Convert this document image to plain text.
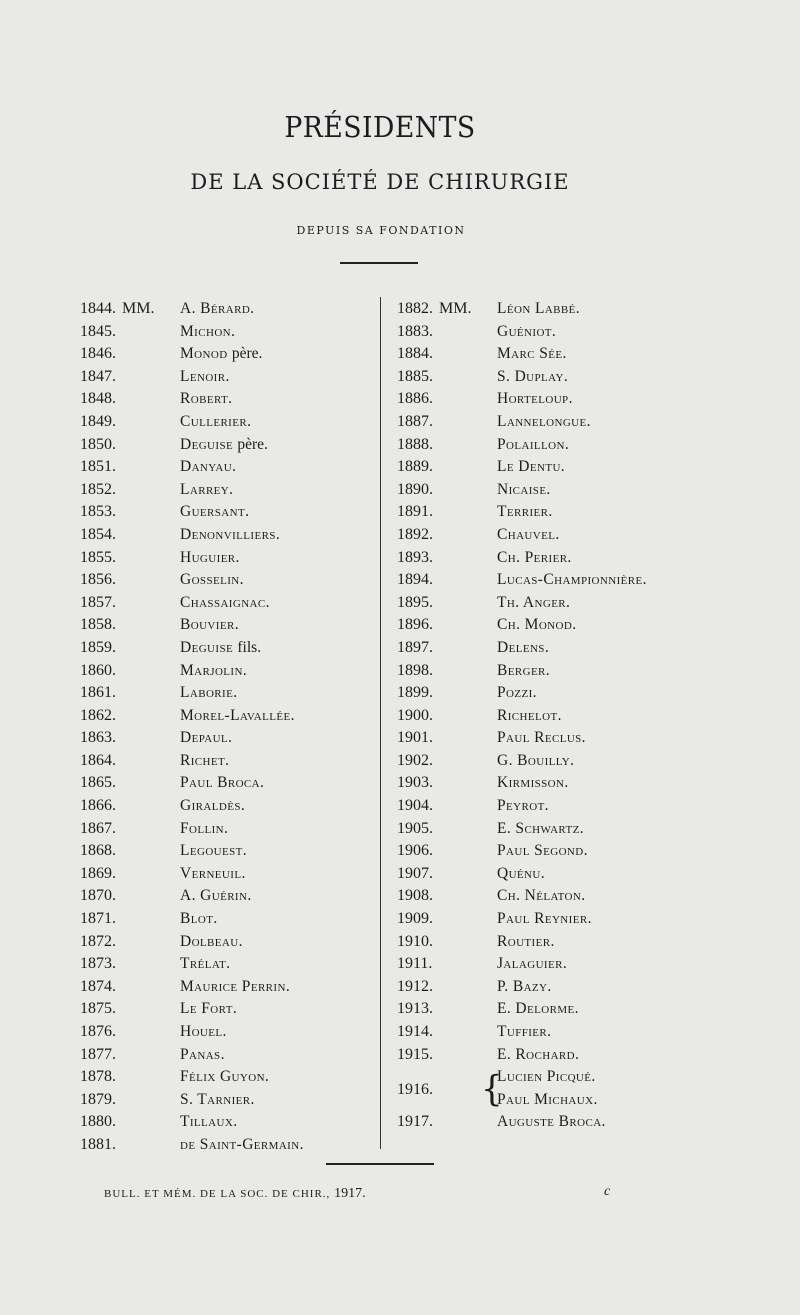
PRÉSIDENTS
DE LA SOCIÉTÉ DE CHIRURGIE
DEPUIS SA FONDATION
1844. MM.	A. Bérard.
1845.	Michon.
1846.	Monod père.
1847.	Lenoir.
1848.	Robert.
1849.	Cullerier.
1850.	Deguise père.
1851.	Danyau.
1852.	Larrey.
1853.	Guersant.
1854.	Denonvilliers.
1855.	Huguier.
1856.	Gosselin.
1857.	Chassaignac.
1858.	Bouvier.
1859.	Deguise fils.
1860.	Marjolin.
1861.	Laborie.
1862.	Morel-Lavallée.
1863.	Depaul.
1864.	Richet.
1865.	Paul Broca.
1866.	Giraldès.
1867.	Follin.
1868.	Legouest.
1869.	Verneuil.
1870.	A. Guérin.
1871.	Blot.
1872.	Dolbeau.
1873.	Trélat.
1874.	Maurice Perrin.
1875.	Le Fort.
1876.	Houel.
1877.	Panas.
1878.	Félix Guyon.
1879.	S. Tarnier.
1880.	Tillaux.
1881.	de Saint-Germain.
1882. MM.	Léon Labbé.
1883.	Guéniot.
1884.	Marc Sée.
1885.	S. Duplay.
1886.	Horteloup.
1887.	Lannelongue.
1888.	Polaillon.
1889.	Le Dentu.
1890.	Nicaise.
1891.	Terrier.
1892.	Chauvel.
1893.	Ch. Perier.
1894.	Lucas-Championnière.
1895.	Th. Anger.
1896.	Ch. Monod.
1897.	Delens.
1898.	Berger.
1899.	Pozzi.
1900.	Richelot.
1901.	Paul Reclus.
1902.	G. Bouilly.
1903.	Kirmisson.
1904.	Peyrot.
1905.	E. Schwartz.
1906.	Paul Segond.
1907.	Quénu.
1908.	Ch. Nélaton.
1909.	Paul Reynier.
1910.	Routier.
1911.	Jalaguier.
1912.	P. Bazy.
1913.	E. Delorme.
1914.	Tuffier.
1915.	E. Rochard.
1916.	{
Lucien Picqué.
Paul Michaux.
1917.	Auguste Broca.
BULL. ET MÉM. DE LA SOC. DE CHIR., 1917.	c
